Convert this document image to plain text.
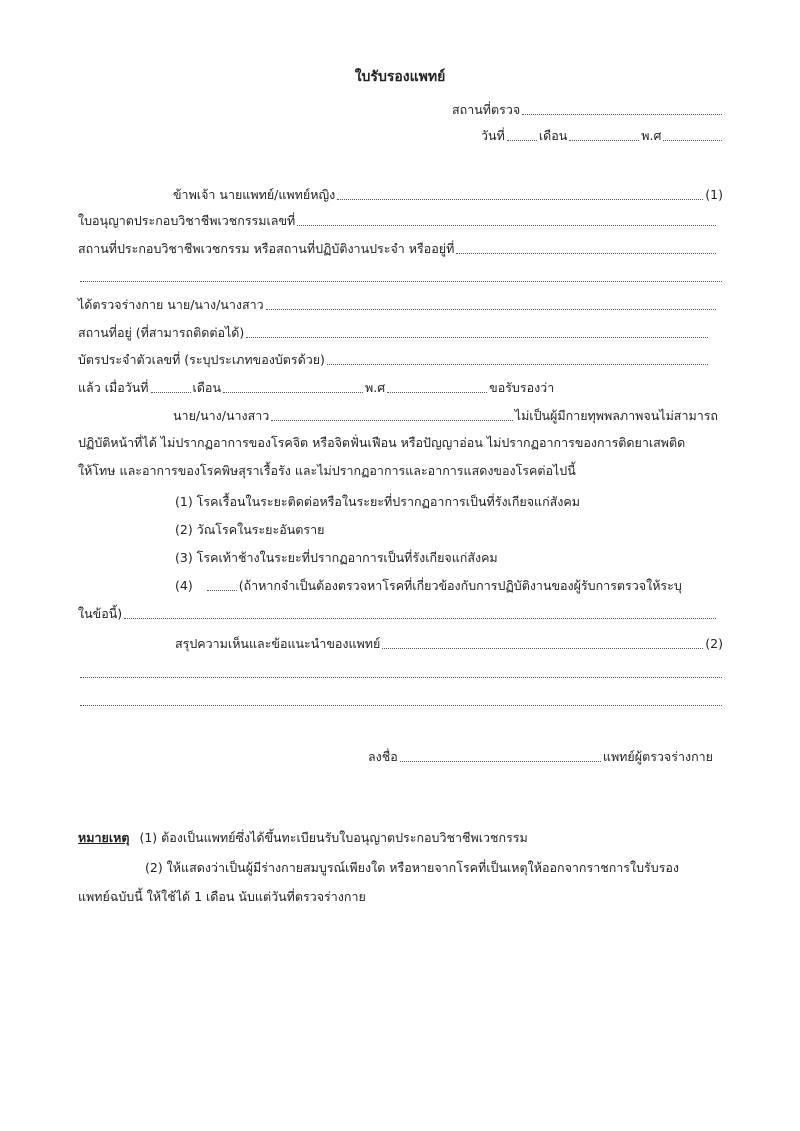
ใบรับรองแพทย์
สถานที่ตรวจ
วันที่	เดือน	พ.ศ
ข้าพเจ้า นายแพทย์/แพทย์หญิง	(1)
ใบอนุญาตประกอบวิชาชีพเวชกรรมเลขที่
สถานที่ประกอบวิชาชีพเวชกรรม หรือสถานที่ปฏิบัติงานประจำ หรืออยู่ที่
ได้ตรวจร่างกาย นาย/นาง/นางสาว
สถานที่อยู่ (ที่สามารถติดต่อได้)
บัตรประจำตัวเลขที่ (ระบุประเภทของบัตรด้วย)
แล้ว เมื่อวันที่	เดือน	พ.ศ	ขอรับรองว่า
นาย/นาง/นางสาว	ไม่เป็นผู้มีกายทุพพลภาพจนไม่สามารถ
ปฏิบัติหน้าที่ได้ ไม่ปรากฏอาการของโรคจิต หรือจิตฟั่นเฟือน หรือปัญญาอ่อน ไม่ปรากฏอาการของการติดยาเสพติด
ให้โทษ และอาการของโรคพิษสุราเรื้อรัง และไม่ปรากฏอาการและอาการแสดงของโรคต่อไปนี้
(1) โรคเรื้อนในระยะติดต่อหรือในระยะที่ปรากฏอาการเป็นที่รังเกียจแก่สังคม
(2) วัณโรคในระยะอันตราย
(3) โรคเท้าช้างในระยะที่ปรากฏอาการเป็นที่รังเกียจแก่สังคม
(4)	(ถ้าหากจำเป็นต้องตรวจหาโรคที่เกี่ยวข้องกับการปฏิบัติงานของผู้รับการตรวจให้ระบุ
ในข้อนี้)
สรุปความเห็นและข้อแนะนำของแพทย์	(2)
ลงชื่อ	แพทย์ผู้ตรวจร่างกาย
หมายเหตุ (1) ต้องเป็นแพทย์ซึ่งได้ขึ้นทะเบียนรับใบอนุญาตประกอบวิชาชีพเวชกรรม
(2) ให้แสดงว่าเป็นผู้มีร่างกายสมบูรณ์เพียงใด หรือหายจากโรคที่เป็นเหตุให้ออกจากราชการใบรับรอง
แพทย์ฉบับนี้ ให้ใช้ได้ 1 เดือน นับแต่วันที่ตรวจร่างกาย
